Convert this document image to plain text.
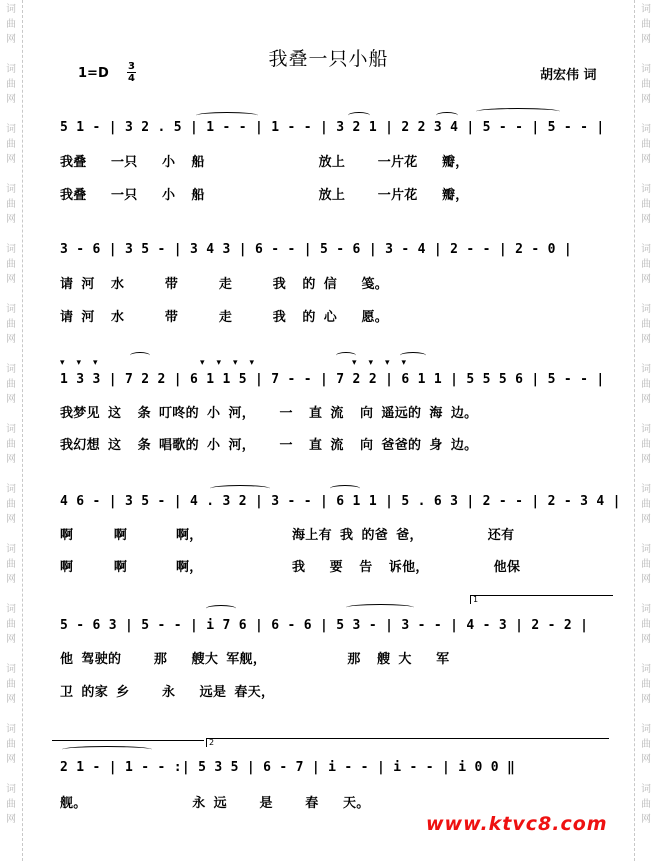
词
曲
网
词
曲
网
词
曲
网
词
曲
网
词
曲
网
词
曲
网
词
曲
网
词
曲
网
词
曲
网
词
曲
网
词
曲
网
词
曲
网
词
曲
网
词
曲
网
词
曲
网
词
曲
网
词
曲
网
词
曲
网
词
曲
网
词
曲
网
词
曲
网
词
曲
网
词
曲
网
词
曲
网
词
曲
网
词
曲
网
词
曲
网
词
曲
网
我叠一只小船
$1=D \frac{3}{4}$	胡宏伟 词
5 1 - | 3 2 . 5 | 1 - - | 1 - - | 3 2 1 | 2 2 3 4 | 5 - - | 5 - - |
我叠   一只   小  船              放上    一片花   瓣，
我叠   一只   小  船              放上    一片花   瓣，
3 - 6 | 3 5 - | 3 4 3 | 6 - - | 5 - 6 | 3 - 4 | 2 - - | 2 - 0 |
请 河  水     带     走     我  的 信   笺。
请 河  水     带     走     我  的 心   愿。
▾▾▾	▾▾▾▾	▾▾▾▾
1 3 3 | 7 2 2 | 6 1 1 5 | 7 - - | 7 2 2 | 6 1 1 | 5 5 5 6 | 5 - - |
我梦见 这  条 叮咚的 小 河，   一  直 流  向 遥远的 海 边。
我幻想 这  条 唱歌的 小 河，   一  直 流  向 爸爸的 身 边。
4 6 - | 3 5 - | 4 . 3 2 | 3 - - | 6 1 1 | 5 . 6 3 | 2 - - | 2 - 3 4 |
啊     啊      啊，           海上有 我 的爸 爸，        还有
啊     啊      啊，           我   要  告  诉他，        他保
1
5 - 6 3 | 5 - - | i 7 6 | 6 - 6 | 5 3 - | 3 - - | 4 - 3 | 2 - 2 |
他 驾驶的    那   艘大 军舰，          那  艘 大   军
卫 的家 乡    永   远是 春天，
2
2 1 - | 1 - - :| 5 3 5 | 6 - 7 | i - - | i - - | i 0 0 ‖
舰。             永 远    是    春   天。
www.ktvc8.com
